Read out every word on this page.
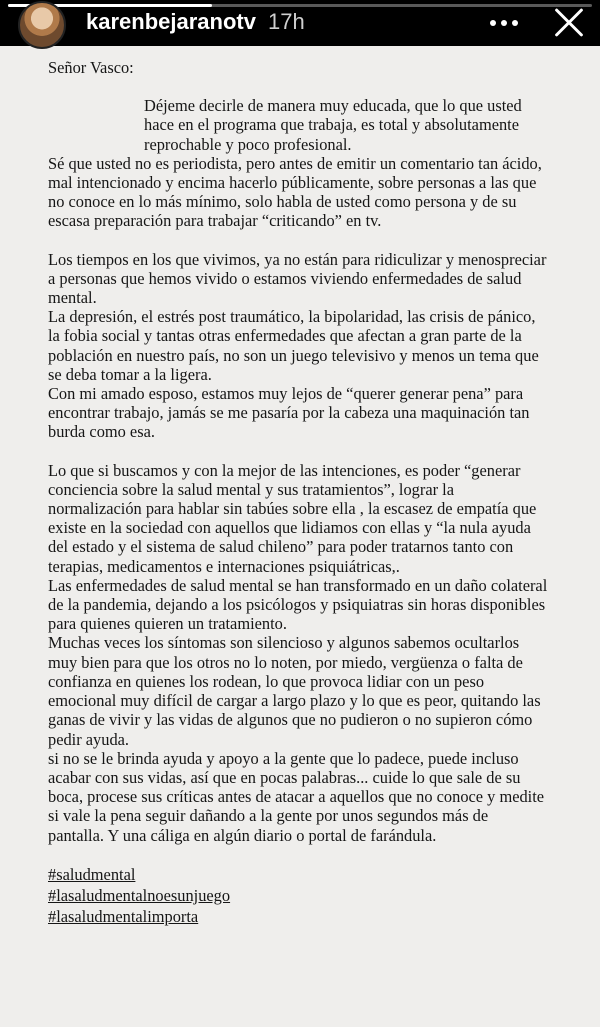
Señor Vasco:

Déjeme decirle de manera muy educada, que lo que usted hace en el programa que trabaja, es total y absolutamente reprochable y poco profesional.

Sé que usted no es periodista, pero antes de emitir un comentario tan ácido, mal intencionado y encima hacerlo públicamente, sobre personas a las que no conoce en lo más mínimo, solo habla de usted como persona y de su escasa preparación para trabajar “criticando” en tv.

Los tiempos en los que vivimos, ya no están para ridiculizar y menospreciar a personas que hemos vivido o estamos viviendo enfermedades de salud mental.

La depresión, el estrés post traumático, la bipolaridad, las crisis de pánico, la fobia social y tantas otras enfermedades que afectan a gran parte de la población en nuestro país, no son un juego televisivo y menos un tema que se deba tomar a la ligera.

Con mi amado esposo, estamos muy lejos de “querer generar pena” para encontrar trabajo, jamás se me pasaría por la cabeza una maquinación tan burda como esa.

Lo que si buscamos y con la mejor de las intenciones, es poder “generar conciencia sobre la salud mental y sus tratamientos”, lograr la normalización para hablar sin tabúes sobre ella , la escasez de empatía que existe en la sociedad con aquellos que lidiamos con ellas y “la nula ayuda del estado y el sistema de salud chileno” para poder tratarnos tanto con terapias, medicamentos e internaciones psiquiátricas,.

Las enfermedades de salud mental se han transformado en un daño colateral de la pandemia, dejando a los psicólogos y psiquiatras sin horas disponibles para quienes quieren un tratamiento.

Muchas veces los síntomas son silencioso y algunos sabemos ocultarlos muy bien para que los otros no lo noten, por miedo, vergüenza o falta de confianza en quienes los rodean, lo que provoca lidiar con un peso emocional muy difícil de cargar a largo plazo y lo que es peor, quitando las ganas de vivir y las vidas de algunos que no pudieron o no supieron cómo pedir ayuda.

si no se le brinda ayuda y apoyo a la gente que lo padece, puede incluso acabar con sus vidas, así que en pocas palabras... cuide lo que sale de su boca, procese sus críticas antes de atacar a aquellos que no conoce y medite si vale la pena seguir dañando a la gente por unos segundos más de pantalla. Y una cáliga en algún diario o portal de farándula.

#saludmental
#lasaludmentalnoesunjuego
#lasaludmentalimporta
karenbejaranotv 17h
